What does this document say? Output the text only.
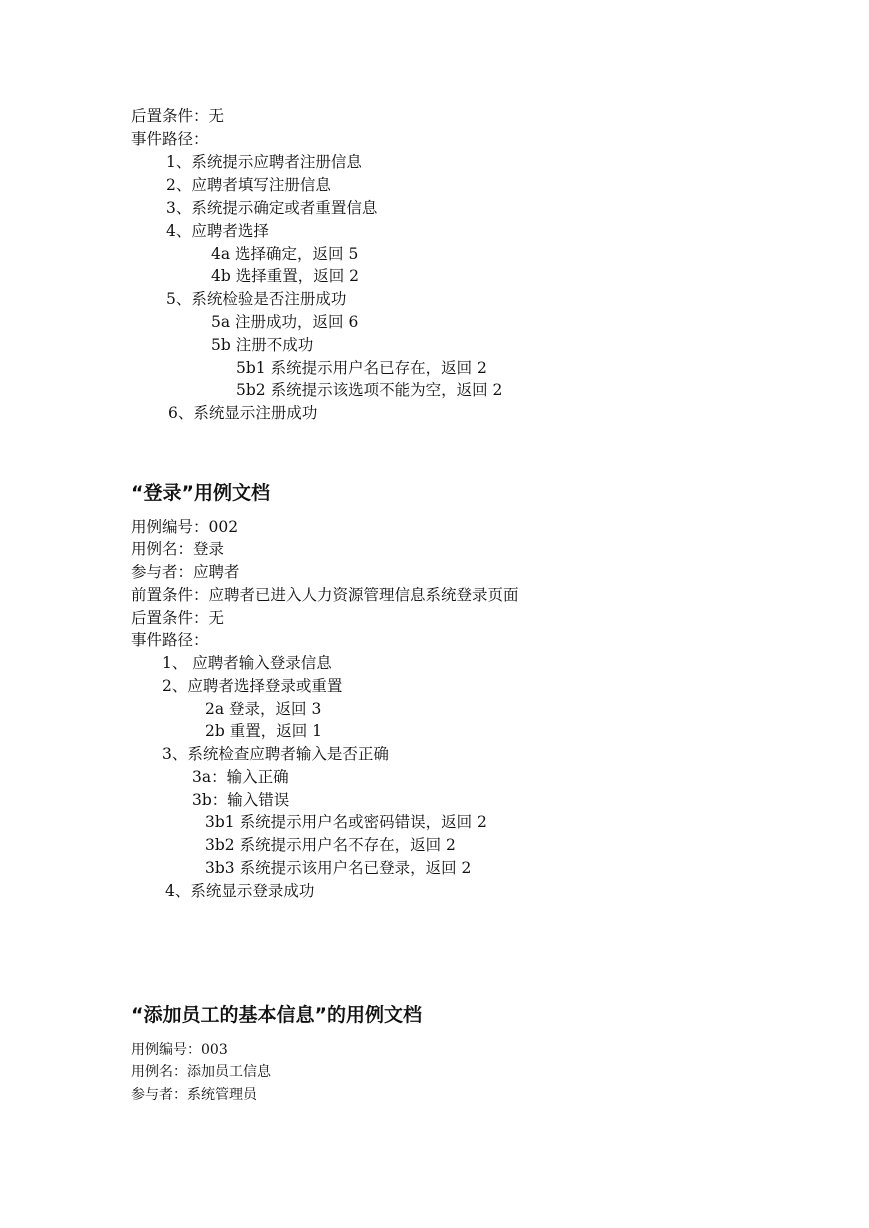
后置条件：无
事件路径：
1、系统提示应聘者注册信息
2、应聘者填写注册信息
3、系统提示确定或者重置信息
4、应聘者选择
4a 选择确定，返回 5
4b 选择重置，返回 2
5、系统检验是否注册成功
5a 注册成功，返回 6
5b 注册不成功
5b1 系统提示用户名已存在，返回 2
5b2 系统提示该选项不能为空，返回 2
6、系统显示注册成功
“登录”用例文档
用例编号：002
用例名：登录
参与者：应聘者
前置条件：应聘者已进入人力资源管理信息系统登录页面
后置条件：无
事件路径：
1、 应聘者输入登录信息
2、应聘者选择登录或重置
2a 登录，返回 3
2b 重置，返回 1
3、系统检查应聘者输入是否正确
3a：输入正确
3b：输入错误
3b1 系统提示用户名或密码错误，返回 2
3b2 系统提示用户名不存在，返回 2
3b3 系统提示该用户名已登录，返回 2
4、系统显示登录成功
“添加员工的基本信息”的用例文档
用例编号：003
用例名：添加员工信息
参与者：系统管理员
